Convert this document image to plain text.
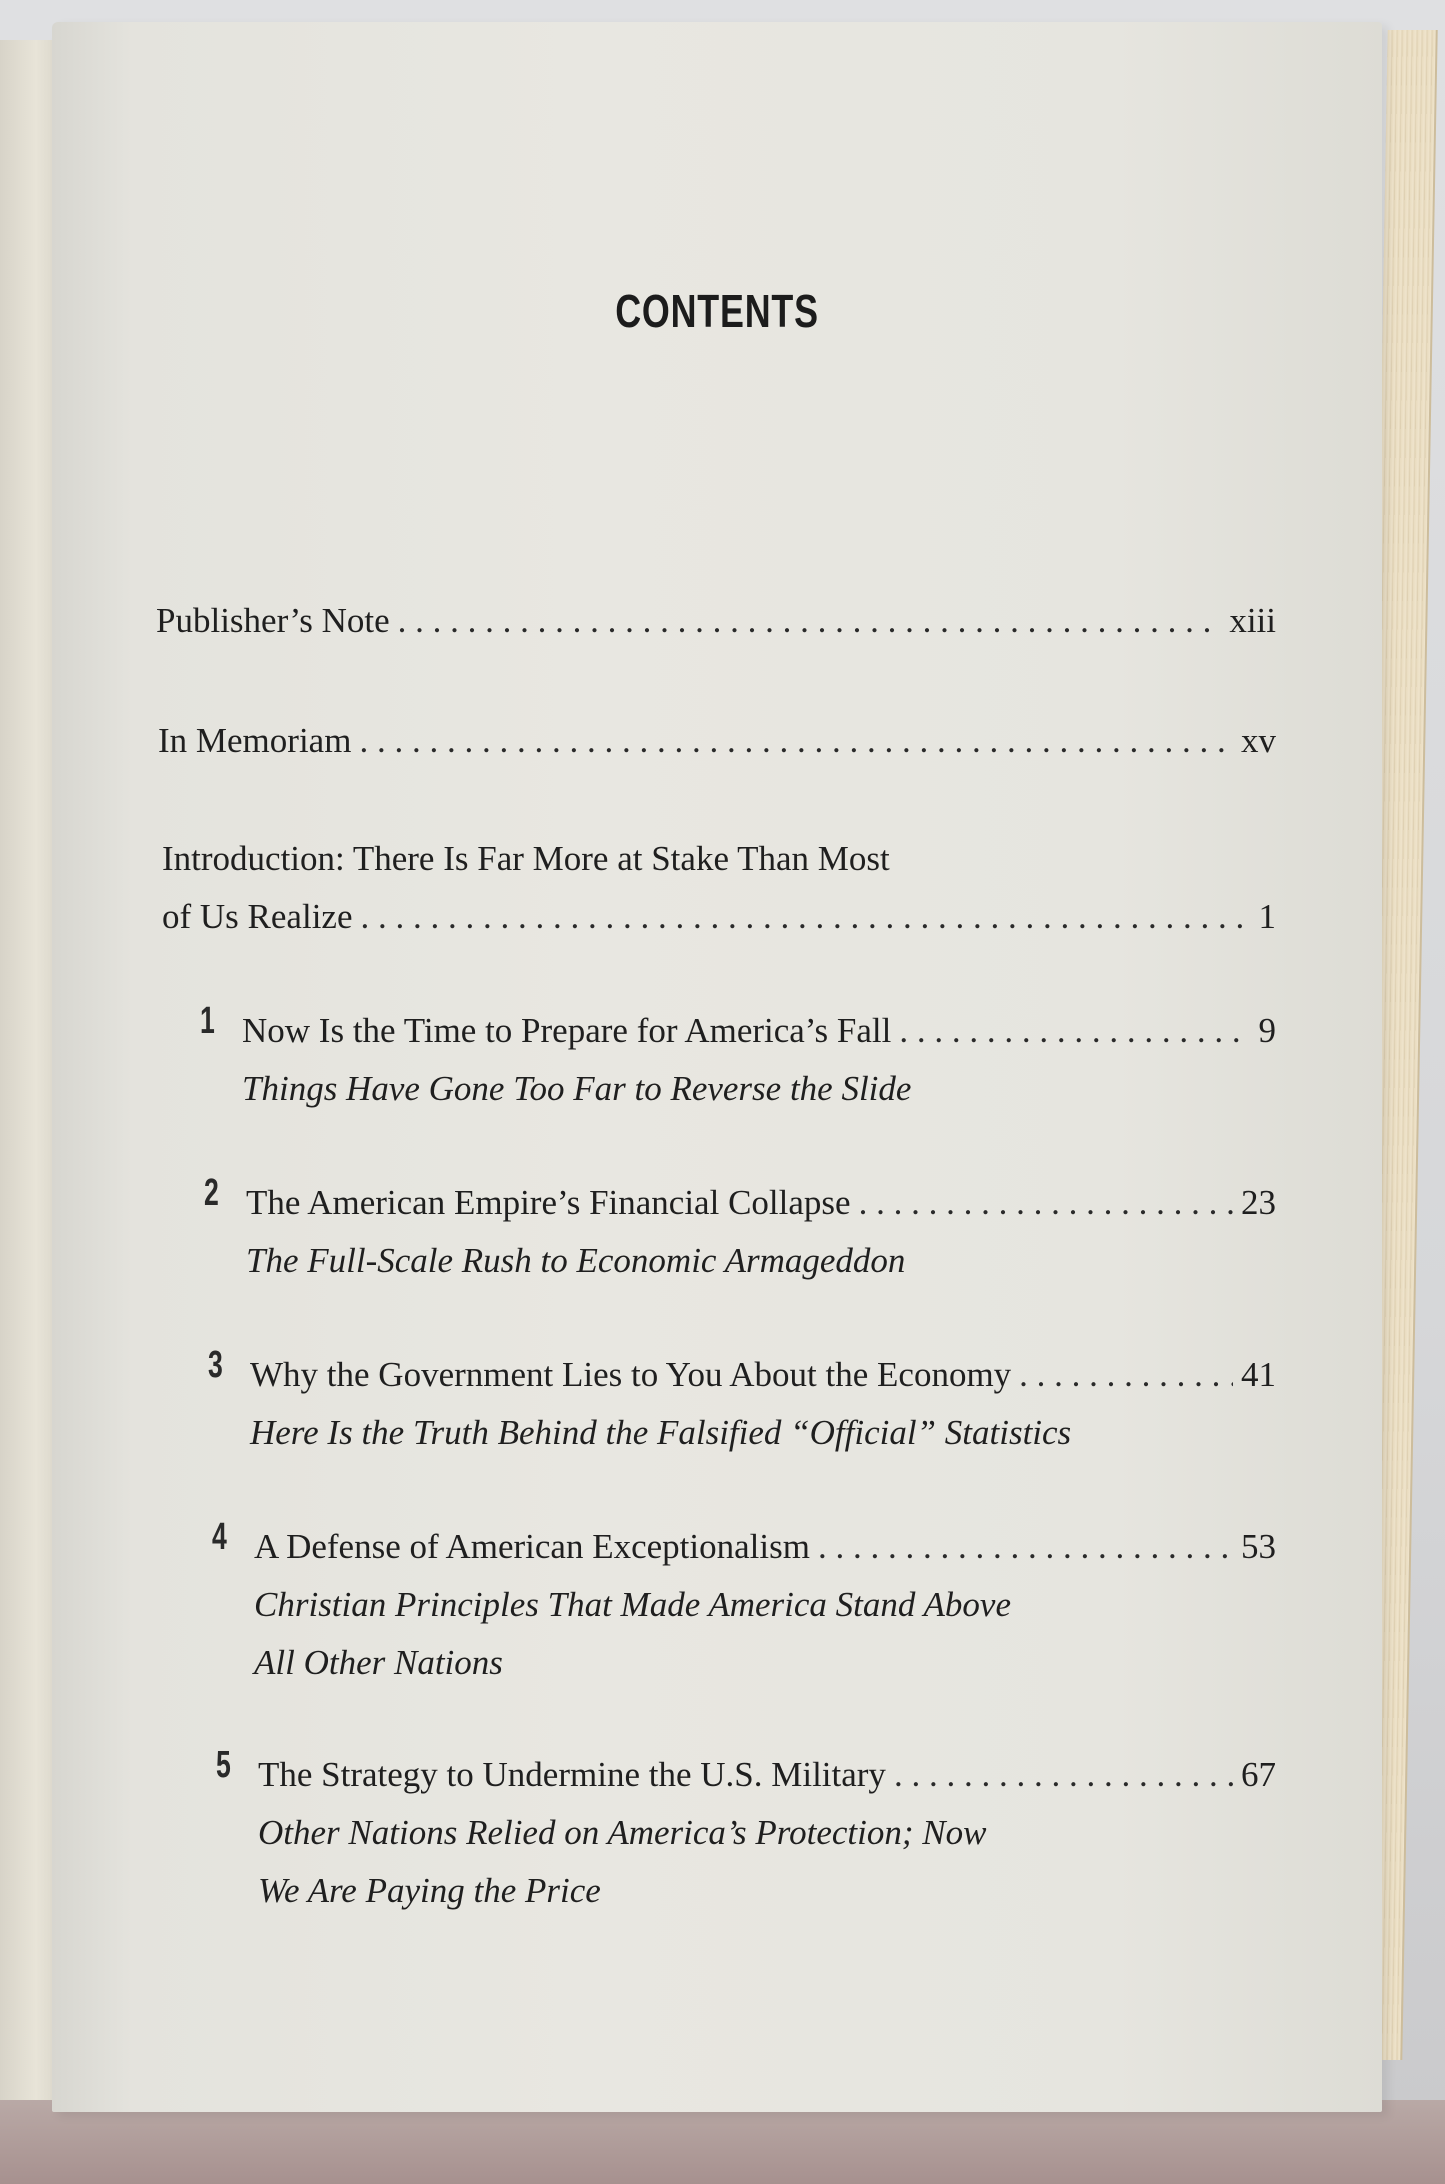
CONTENTS
Publisher’s Note . . .	xiii
In Memoriam . . .	xv
Introduction: There Is Far More at Stake Than Most
of Us Realize . . .	1
1 Now Is the Time to Prepare for America’s Fall . . .	9
Things Have Gone Too Far to Reverse the Slide
2 The American Empire’s Financial Collapse . . .	23
The Full-Scale Rush to Economic Armageddon
3 Why the Government Lies to You About the Economy . . .	41
Here Is the Truth Behind the Falsified “Official” Statistics
4 A Defense of American Exceptionalism . . .	53
Christian Principles That Made America Stand Above
All Other Nations
5 The Strategy to Undermine the U.S. Military . . .	67
Other Nations Relied on America’s Protection; Now
We Are Paying the Price
